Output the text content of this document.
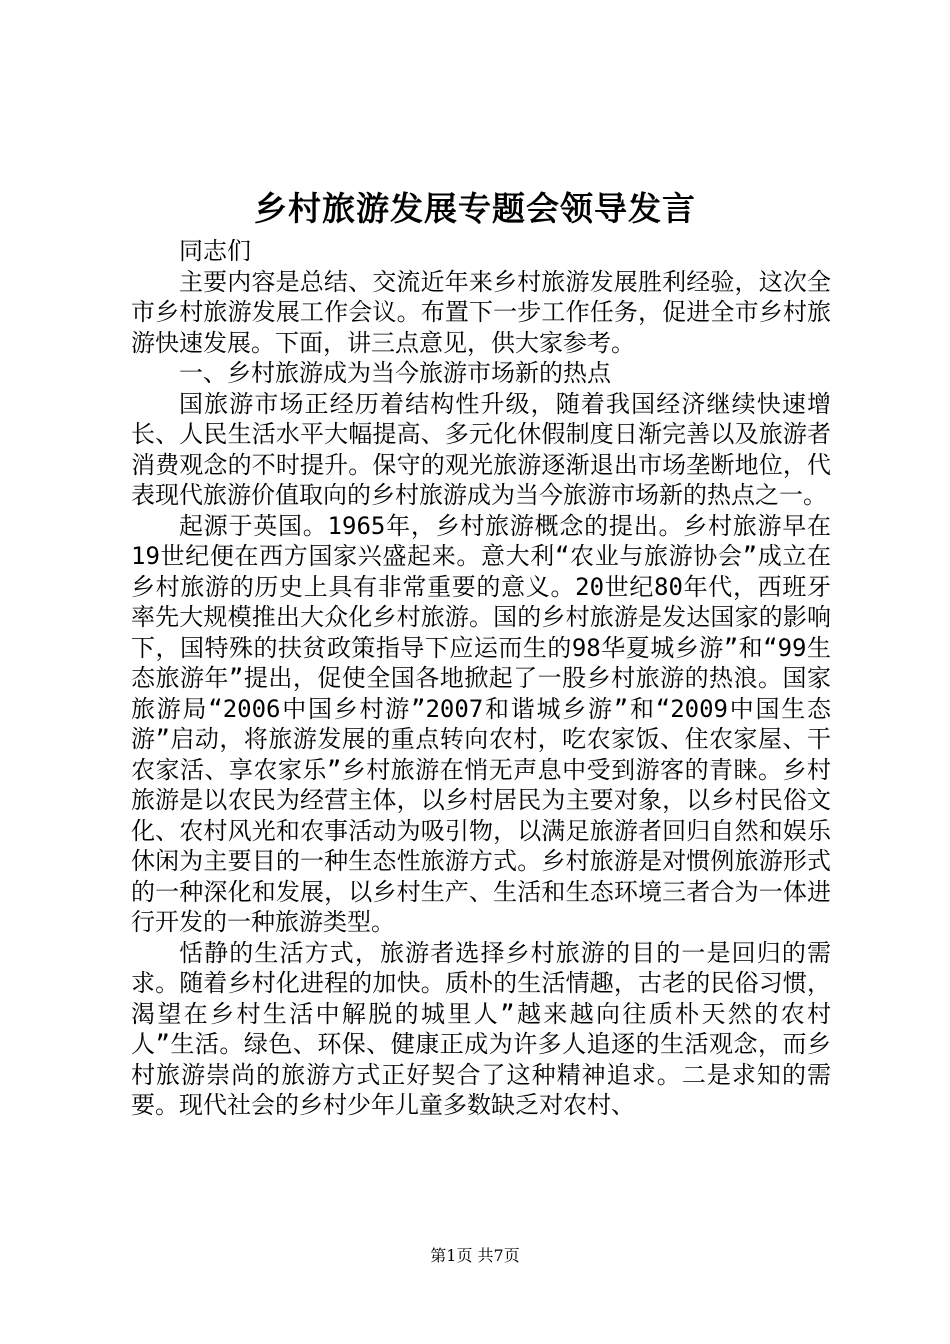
乡村旅游发展专题会领导发言

同志们

主要内容是总结、交流近年来乡村旅游发展胜利经验，这次全市乡村旅游发展工作会议。布置下一步工作任务，促进全市乡村旅游快速发展。下面，讲三点意见，供大家参考。

一、乡村旅游成为当今旅游市场新的热点

国旅游市场正经历着结构性升级，随着我国经济继续快速增长、人民生活水平大幅提高、多元化休假制度日渐完善以及旅游者消费观念的不时提升。保守的观光旅游逐渐退出市场垄断地位，代表现代旅游价值取向的乡村旅游成为当今旅游市场新的热点之一。

起源于英国。1965年，乡村旅游概念的提出。乡村旅游早在19世纪便在西方国家兴盛起来。意大利“农业与旅游协会”成立在乡村旅游的历史上具有非常重要的意义。20世纪80年代，西班牙率先大规模推出大众化乡村旅游。国的乡村旅游是发达国家的影响下，国特殊的扶贫政策指导下应运而生的98华夏城乡游”和“99生态旅游年”提出，促使全国各地掀起了一股乡村旅游的热浪。国家旅游局“2006中国乡村游”2007和谐城乡游”和“2009中国生态游”启动，将旅游发展的重点转向农村，吃农家饭、住农家屋、干农家活、享农家乐”乡村旅游在悄无声息中受到游客的青睐。乡村旅游是以农民为经营主体，以乡村居民为主要对象，以乡村民俗文化、农村风光和农事活动为吸引物，以满足旅游者回归自然和娱乐休闲为主要目的一种生态性旅游方式。乡村旅游是对惯例旅游形式的一种深化和发展，以乡村生产、生活和生态环境三者合为一体进行开发的一种旅游类型。

恬静的生活方式，旅游者选择乡村旅游的目的一是回归的需求。随着乡村化进程的加快。质朴的生活情趣，古老的民俗习惯，渴望在乡村生活中解脱的城里人”越来越向往质朴天然的农村人”生活。绿色、环保、健康正成为许多人追逐的生活观念，而乡村旅游崇尚的旅游方式正好契合了这种精神追求。二是求知的需要。现代社会的乡村少年儿童多数缺乏对农村、

第1页 共7页
